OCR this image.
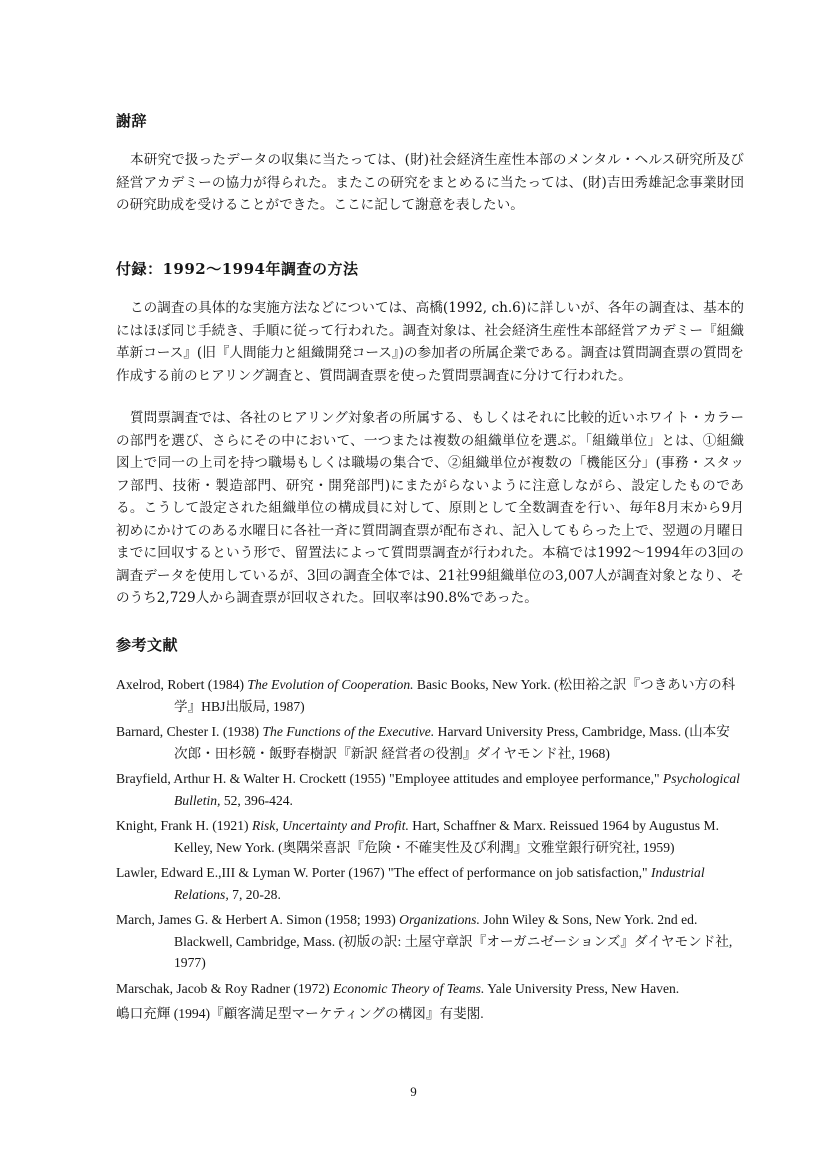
謝辞

本研究で扱ったデータの収集に当たっては、(財)社会経済生産性本部のメンタル・ヘルス研究所及び経営アカデミーの協力が得られた。またこの研究をまとめるに当たっては、(財)吉田秀雄記念事業財団の研究助成を受けることができた。ここに記して謝意を表したい。

付録：1992〜1994年調査の方法

この調査の具体的な実施方法などについては、高橋(1992, ch.6)に詳しいが、各年の調査は、基本的にはほぼ同じ手続き、手順に従って行われた。調査対象は、社会経済生産性本部経営アカデミー『組織革新コース』(旧『人間能力と組織開発コース』)の参加者の所属企業である。調査は質問調査票の質問を作成する前のヒアリング調査と、質問調査票を使った質問票調査に分けて行われた。

質問票調査では、各社のヒアリング対象者の所属する、もしくはそれに比較的近いホワイト・カラーの部門を選び、さらにその中において、一つまたは複数の組織単位を選ぶ。「組織単位」とは、①組織図上で同一の上司を持つ職場もしくは職場の集合で、②組織単位が複数の「機能区分」(事務・スタッフ部門、技術・製造部門、研究・開発部門)にまたがらないように注意しながら、設定したものである。こうして設定された組織単位の構成員に対して、原則として全数調査を行い、毎年8月末から9月初めにかけてのある水曜日に各社一斉に質問調査票が配布され、記入してもらった上で、翌週の月曜日までに回収するという形で、留置法によって質問票調査が行われた。本稿では1992〜1994年の3回の調査データを使用しているが、3回の調査全体では、21社99組織単位の3,007人が調査対象となり、そのうち2,729人から調査票が回収された。回収率は90.8%であった。

参考文献
Axelrod, Robert (1984) The Evolution of Cooperation. Basic Books, New York. (松田裕之訳『つきあい方の科学』HBJ出版局, 1987)
Barnard, Chester I. (1938) The Functions of the Executive. Harvard University Press, Cambridge, Mass. (山本安次郎・田杉競・飯野春樹訳『新訳 経営者の役割』ダイヤモンド社, 1968)
Brayfield, Arthur H. & Walter H. Crockett (1955) "Employee attitudes and employee performance," Psychological Bulletin, 52, 396-424.
Knight, Frank H. (1921) Risk, Uncertainty and Profit. Hart, Schaffner & Marx. Reissued 1964 by Augustus M. Kelley, New York. (奥隅栄喜訳『危険・不確実性及び利潤』文雅堂銀行研究社, 1959)
Lawler, Edward E.,III & Lyman W. Porter (1967) "The effect of performance on job satisfaction," Industrial Relations, 7, 20-28.
March, James G. & Herbert A. Simon (1958; 1993) Organizations. John Wiley & Sons, New York. 2nd ed. Blackwell, Cambridge, Mass. (初版の訳: 土屋守章訳『オーガニゼーションズ』ダイヤモンド社, 1977)
Marschak, Jacob & Roy Radner (1972) Economic Theory of Teams. Yale University Press, New Haven.
嶋口充輝 (1994)『顧客満足型マーケティングの構図』有斐閣.
9
